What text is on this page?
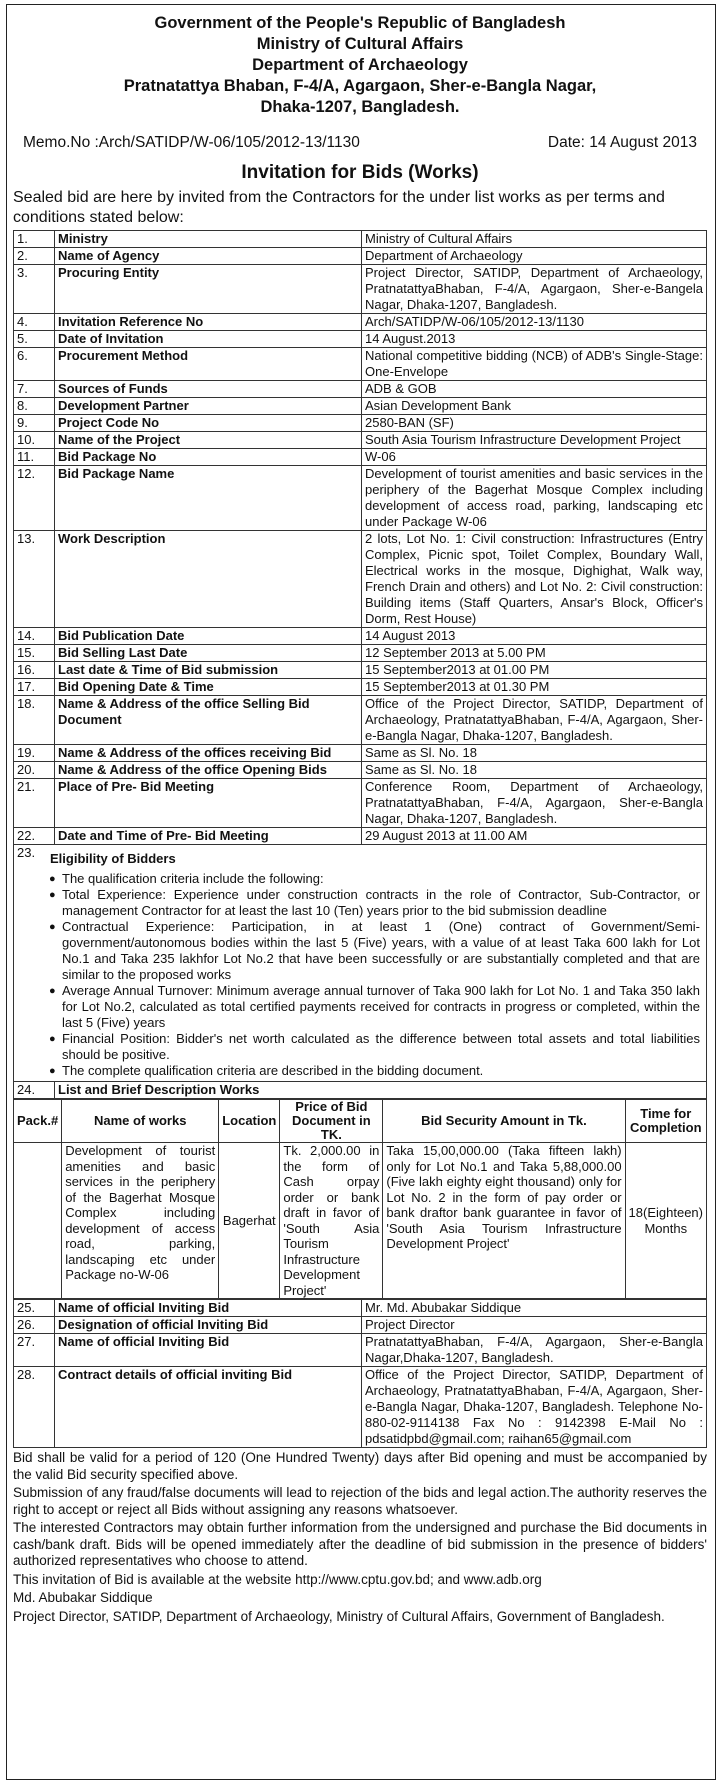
Government of the People's Republic of Bangladesh
Ministry of Cultural Affairs
Department of Archaeology
Pratnatattya Bhaban, F-4/A, Agargaon, Sher-e-Bangla Nagar,
Dhaka-1207, Bangladesh.
Memo.No :Arch/SATIDP/W-06/105/2012-13/1130	Date: 14 August 2013
Invitation for Bids (Works)
Sealed bid are here by invited from the Contractors for the under list works as per terms and conditions stated below:
1.	Ministry	Ministry of Cultural Affairs
2.	Name of Agency	Department of Archaeology
3.	Procuring Entity	Project Director, SATIDP, Department of Archaeology, PratnatattyaBhaban, F-4/A, Agargaon, Sher-e-Bangela Nagar, Dhaka-1207, Bangladesh.
4.	Invitation Reference No	Arch/SATIDP/W-06/105/2012-13/1130
5.	Date of Invitation	14 August.2013
6.	Procurement Method	National competitive bidding (NCB) of ADB's Single-Stage: One-Envelope
7.	Sources of Funds	ADB & GOB
8.	Development Partner	Asian Development Bank
9.	Project Code No	2580-BAN (SF)
10.	Name of the Project	South Asia Tourism Infrastructure Development Project
11.	Bid Package No	W-06
12.	Bid Package Name	Development of tourist amenities and basic services in the periphery of the Bagerhat Mosque Complex including development of access road, parking, landscaping etc under Package W-06
13.	Work Description	2 lots, Lot No. 1: Civil construction: Infrastructures (Entry Complex, Picnic spot, Toilet Complex, Boundary Wall, Electrical works in the mosque, Dighighat, Walk way, French Drain and others) and Lot No. 2: Civil construction: Building items (Staff Quarters, Ansar's Block, Officer's Dorm, Rest House)
14.	Bid Publication Date	14 August 2013
15.	Bid Selling Last Date	12 September 2013 at 5.00 PM
16.	Last date & Time of Bid submission	15 September2013 at 01.00 PM
17.	Bid Opening Date & Time	15 September2013 at 01.30 PM
18.	Name & Address of the office Selling Bid Document	Office of the Project Director, SATIDP, Department of Archaeology, PratnatattyaBhaban, F-4/A, Agargaon, Sher-e-Bangla Nagar, Dhaka-1207, Bangladesh.
19.	Name & Address of the offices receiving Bid	Same as Sl. No. 18
20.	Name & Address of the office Opening Bids	Same as Sl. No. 18
21.	Place of Pre- Bid Meeting	Conference Room, Department of Archaeology, PratnatattyaBhaban, F-4/A, Agargaon, Sher-e-Bangla Nagar, Dhaka-1207, Bangladesh.
22.	Date and Time of Pre- Bid Meeting	29 August 2013 at 11.00 AM

23.	Eligibility of Bidders
● The qualification criteria include the following:
● Total Experience: Experience under construction contracts in the role of Contractor, Sub-Contractor, or management Contractor for at least the last 10 (Ten) years prior to the bid submission deadline
● Contractual Experience: Participation, in at least 1 (One) contract of Government/Semi-government/autonomous bodies within the last 5 (Five) years, with a value of at least Taka 600 lakh for Lot No.1 and Taka 235 lakhfor Lot No.2 that have been successfully or are substantially completed and that are similar to the proposed works
● Average Annual Turnover: Minimum average annual turnover of Taka 900 lakh for Lot No. 1 and Taka 350 lakh for Lot No.2, calculated as total certified payments received for contracts in progress or completed, within the last 5 (Five) years
● Financial Position: Bidder's net worth calculated as the difference between total assets and total liabilities should be positive.
● The complete qualification criteria are described in the bidding document.

24.	List and Brief Description Works

Pack.#	Name of works	Location	Price of Bid Document in TK.	Bid Security Amount in Tk.	Time for Completion
	Development of tourist amenities and basic services in the periphery of the Bagerhat Mosque Complex including development of access road, parking, landscaping etc under Package no-W-06	Bagerhat	Tk. 2,000.00 in the form of Cash orpay order or bank draft in favor of 'South Asia Tourism Infrastructure Development Project'	Taka 15,00,000.00 (Taka fifteen lakh) only for Lot No.1 and Taka 5,88,000.00 (Five lakh eighty eight thousand) only for Lot No. 2 in the form of pay order or bank draftor bank guarantee in favor of 'South Asia Tourism Infrastructure Development Project'	18(Eighteen) Months

25.	Name of official Inviting Bid	Mr. Md. Abubakar Siddique
26.	Designation of official Inviting Bid	Project Director
27.	Name of official Inviting Bid	PratnatattyaBhaban, F-4/A, Agargaon, Sher-e-Bangla Nagar,Dhaka-1207, Bangladesh.
28.	Contract details of official inviting Bid	Office of the Project Director, SATIDP, Department of Archaeology, PratnatattyaBhaban, F-4/A, Agargaon, Sher-e-Bangla Nagar, Dhaka-1207, Bangladesh. Telephone No- 880-02-9114138 Fax No : 9142398 E-Mail No : pdsatidpbd@gmail.com; raihan65@gmail.com

Bid shall be valid for a period of 120 (One Hundred Twenty) days after Bid opening and must be accompanied by the valid Bid security specified above.

Submission of any fraud/false documents will lead to rejection of the bids and legal action.The authority reserves the right to accept or reject all Bids without assigning any reasons whatsoever.

The interested Contractors may obtain further information from the undersigned and purchase the Bid documents in cash/bank draft. Bids will be opened immediately after the deadline of bid submission in the presence of bidders' authorized representatives who choose to attend.

This invitation of Bid is available at the website http://www.cptu.gov.bd; and www.adb.org

Md. Abubakar Siddique

Project Director, SATIDP, Department of Archaeology, Ministry of Cultural Affairs, Government of Bangladesh.
